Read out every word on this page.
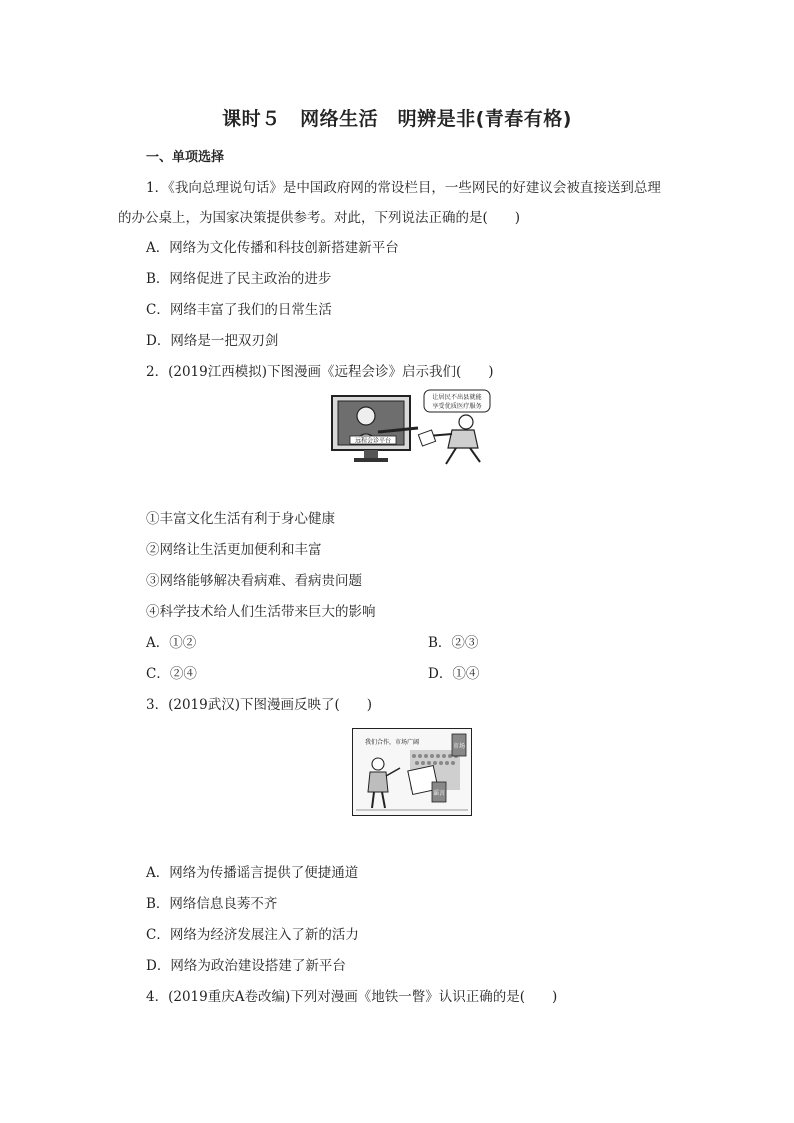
课时５　网络生活　明辨是非(青春有格)
一、单项选择
1．《我向总理说句话》是中国政府网的常设栏目，一些网民的好建议会被直接送到总理
的办公桌上，为国家决策提供参考。对此，下列说法正确的是(　　)
A．网络为文化传播和科技创新搭建新平台
B．网络促进了民主政治的进步
C．网络丰富了我们的日常生活
D．网络是一把双刃剑
2．(2019江西模拟)下图漫画《远程会诊》启示我们(　　)
远程会诊平台
让居民不出县就能
享受优质医疗服务
①丰富文化生活有利于身心健康
②网络让生活更加便利和丰富
③网络能够解决看病难、看病贵问题
④科学技术给人们生活带来巨大的影响
A．①②	B．②③
C．②④	D．①④
3．(2019武汉)下图漫画反映了(　　)
我们合作，市场广阔
市场
谣言
A．网络为传播谣言提供了便捷通道
B．网络信息良莠不齐
C．网络为经济发展注入了新的活力
D．网络为政治建设搭建了新平台
4．(2019重庆A卷改编)下列对漫画《地铁一瞥》认识正确的是(　　)
